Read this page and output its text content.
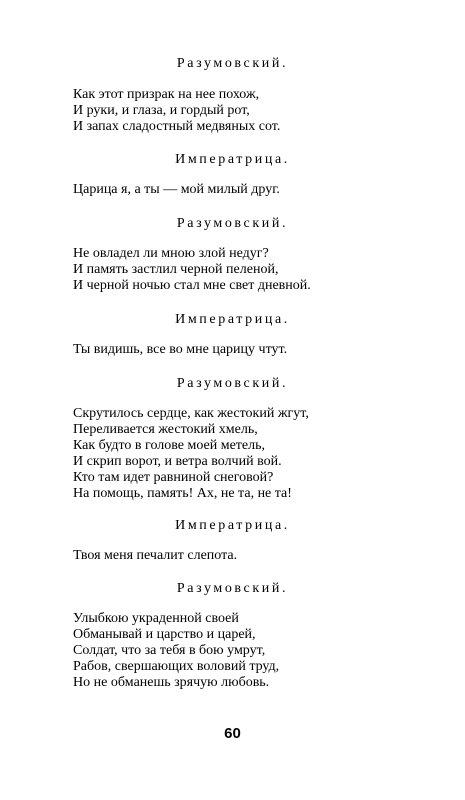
Разумовский.
Как этот призрак на нее похож,
И руки, и глаза, и гордый рот,
И запах сладостный медвяных сот.
Императрица.
Царица я, а ты — мой милый друг.
Разумовский.
Не овладел ли мною злой недуг?
И память застлил черной пеленой,
И черной ночью стал мне свет дневной.
Императрица.
Ты видишь, все во мне царицу чтут.
Разумовский.
Скрутилось сердце, как жестокий жгут,
Переливается жестокий хмель,
Как будто в голове моей метель,
И скрип ворот, и ветра волчий вой.
Кто там идет равниной снеговой?
На помощь, память! Ах, не та, не та!
Императрица.
Твоя меня печалит слепота.
Разумовский.
Улыбкою украденной своей
Обманывай и царство и царей,
Солдат, что за тебя в бою умрут,
Рабов, свершающих воловий труд,
Но не обманешь зрячую любовь.
60
